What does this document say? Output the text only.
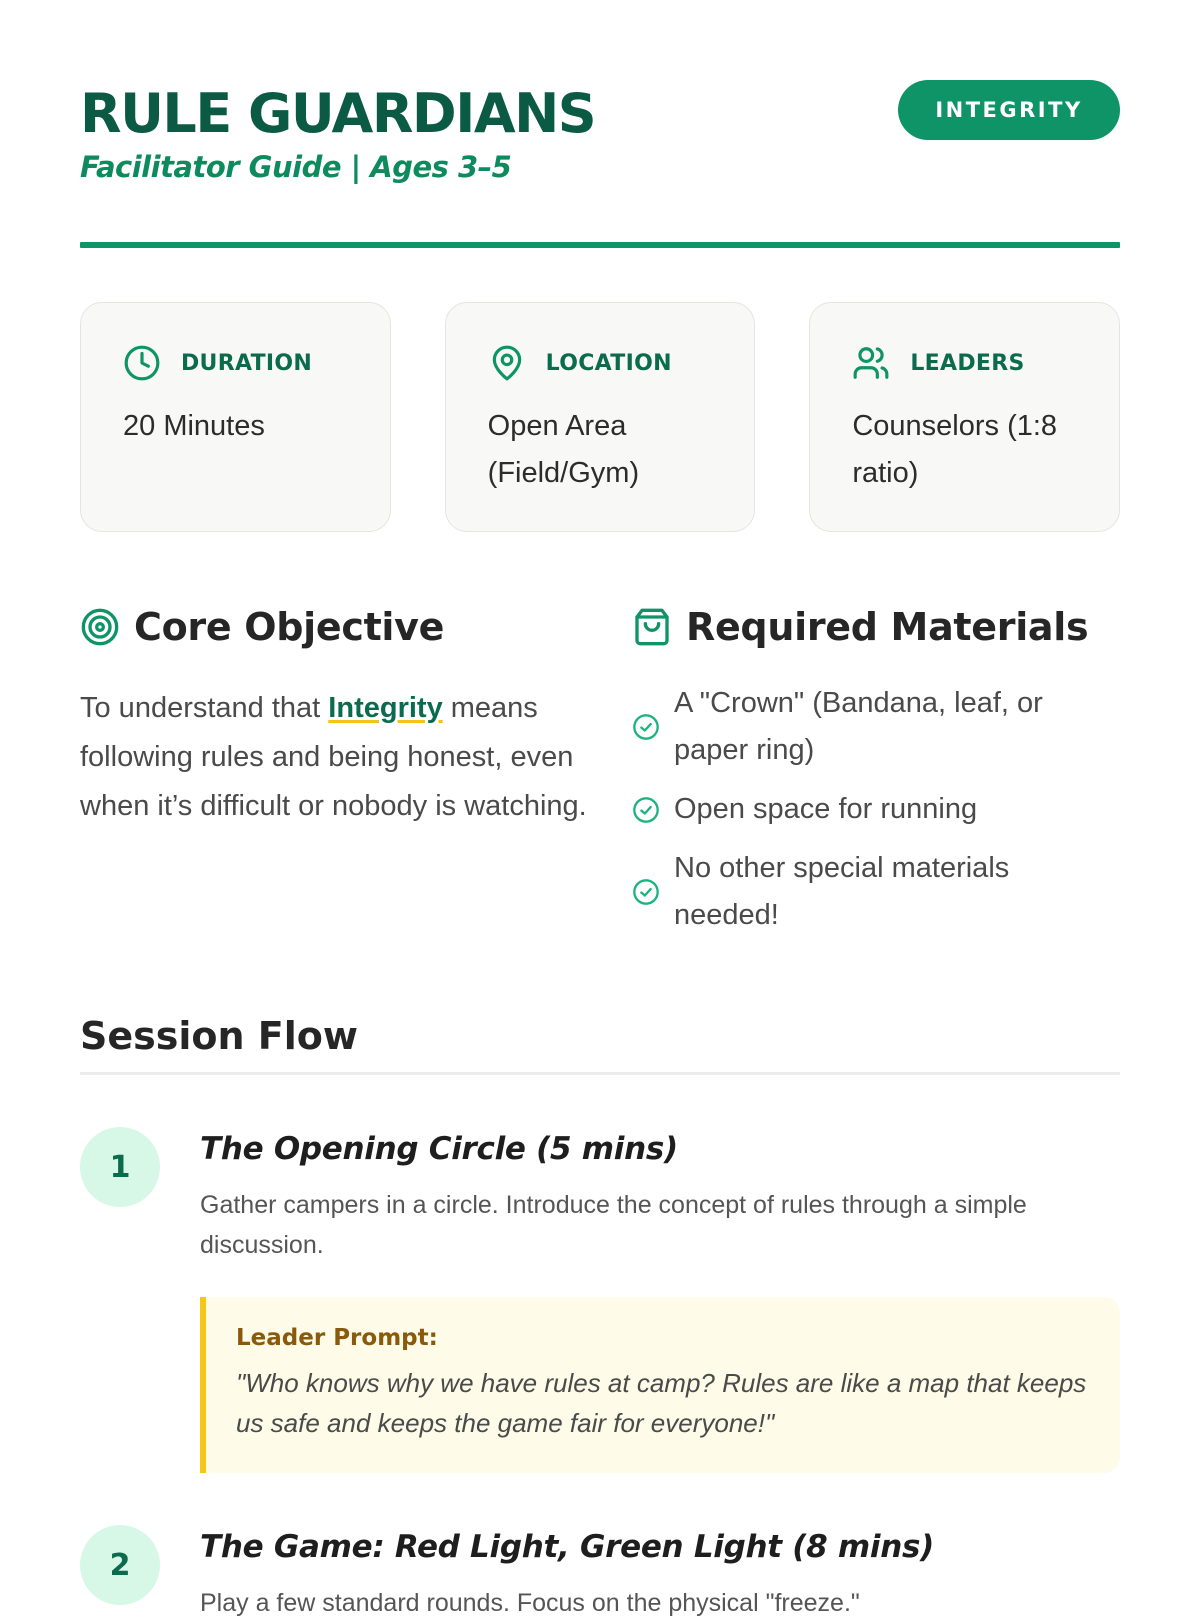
RULE GUARDIANS
Facilitator Guide | Ages 3–5
INTEGRITY
DURATION
20 Minutes
LOCATION
Open Area (Field/Gym)
LEADERS
Counselors (1:8 ratio)
Core Objective

To understand that Integrity means following rules and being honest, even when it’s difficult or nobody is watching.

Required Materials
A "Crown" (Bandana, leaf, or paper ring)
Open space for running
No other special materials needed!
Session Flow
1	The Opening Circle (5 mins)
Gather campers in a circle. Introduce the concept of rules through a simple discussion.
Leader Prompt:
"Who knows why we have rules at camp? Rules are like a map that keeps us safe and keeps the game fair for everyone!"
2	The Game: Red Light, Green Light (8 mins)
Play a few standard rounds. Focus on the physical "freeze."
